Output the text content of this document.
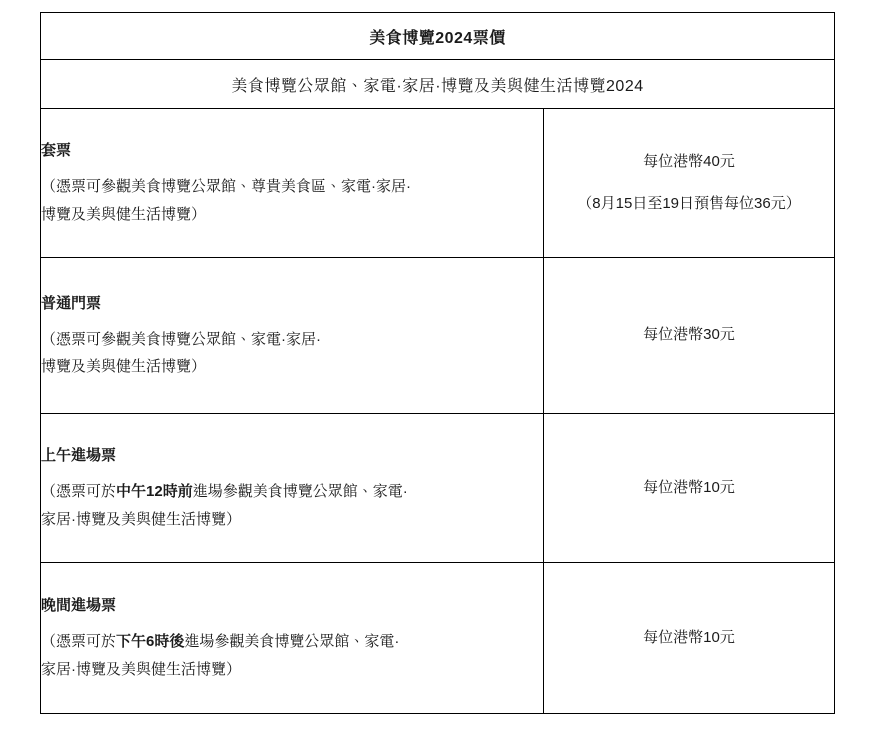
美食博覽2024票價	
美食博覽公眾館、家電·家居·博覽及美與健生活博覽2024	

套票
（憑票可參觀美食博覽公眾館、尊貴美食區、家電·家居·
博覽及美與健生活博覽）	每位港幣40元
（8月15日至19日預售每位36元）

普通門票
（憑票可參觀美食博覽公眾館、家電·家居·
博覽及美與健生活博覽）	每位港幣30元

上午進場票
（憑票可於中午12時前進場參觀美食博覽公眾館、家電·
家居·博覽及美與健生活博覽）	每位港幣10元

晚間進場票
（憑票可於下午6時後進場參觀美食博覽公眾館、家電·
家居·博覽及美與健生活博覽）	每位港幣10元
